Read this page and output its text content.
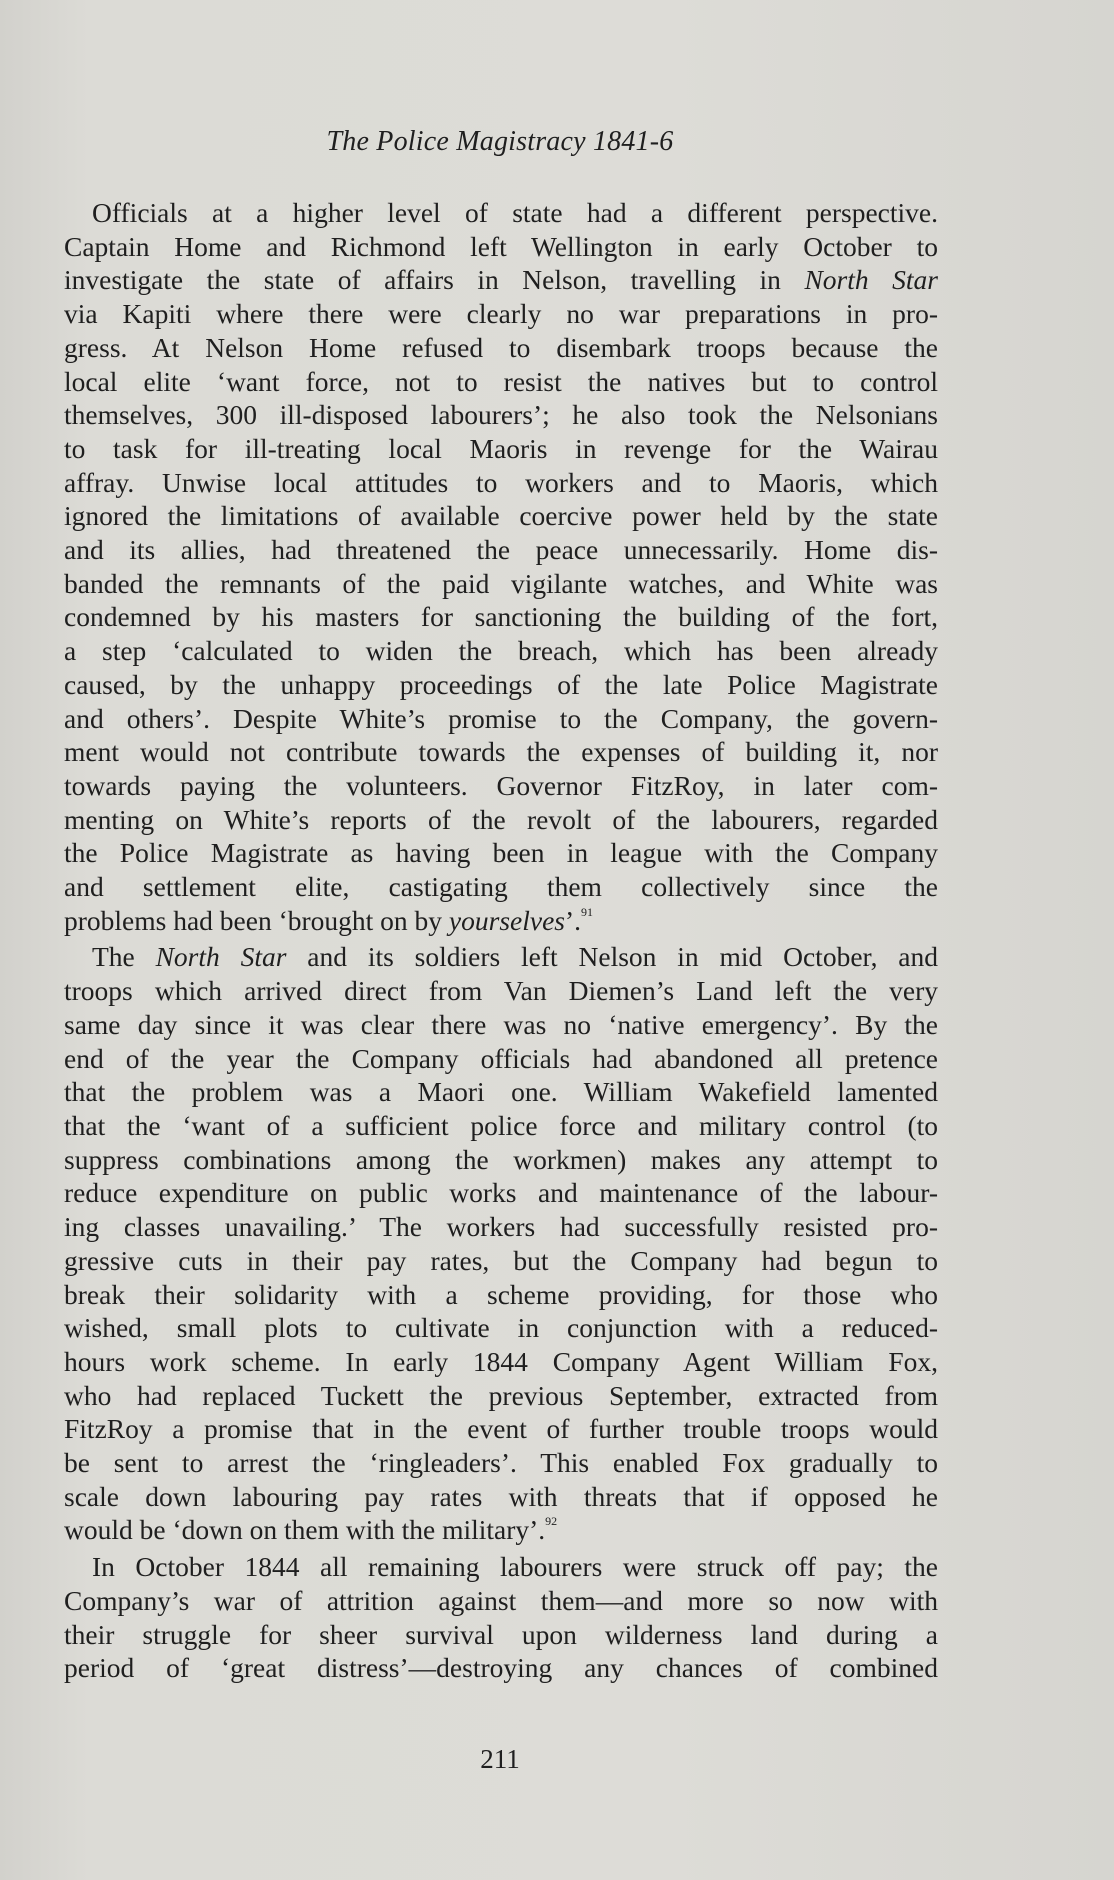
The Police Magistracy 1841-6

Officials at a higher level of state had a different perspective.
Captain Home and Richmond left Wellington in early October to
investigate the state of affairs in Nelson, travelling in North Star
via Kapiti where there were clearly no war preparations in pro-
gress. At Nelson Home refused to disembark troops because the
local elite ‘want force, not to resist the natives but to control
themselves, 300 ill-disposed labourers’; he also took the Nelsonians
to task for ill-treating local Maoris in revenge for the Wairau
affray. Unwise local attitudes to workers and to Maoris, which
ignored the limitations of available coercive power held by the state
and its allies, had threatened the peace unnecessarily. Home dis-
banded the remnants of the paid vigilante watches, and White was
condemned by his masters for sanctioning the building of the fort,
a step ‘calculated to widen the breach, which has been already
caused, by the unhappy proceedings of the late Police Magistrate
and others’. Despite White’s promise to the Company, the govern-
ment would not contribute towards the expenses of building it, nor
towards paying the volunteers. Governor FitzRoy, in later com-
menting on White’s reports of the revolt of the labourers, regarded
the Police Magistrate as having been in league with the Company
and settlement elite, castigating them collectively since the
problems had been ‘brought on by yourselves’.$^{91}$

The North Star and its soldiers left Nelson in mid October, and
troops which arrived direct from Van Diemen’s Land left the very
same day since it was clear there was no ‘native emergency’. By the
end of the year the Company officials had abandoned all pretence
that the problem was a Maori one. William Wakefield lamented
that the ‘want of a sufficient police force and military control (to
suppress combinations among the workmen) makes any attempt to
reduce expenditure on public works and maintenance of the labour-
ing classes unavailing.’ The workers had successfully resisted pro-
gressive cuts in their pay rates, but the Company had begun to
break their solidarity with a scheme providing, for those who
wished, small plots to cultivate in conjunction with a reduced-
hours work scheme. In early 1844 Company Agent William Fox,
who had replaced Tuckett the previous September, extracted from
FitzRoy a promise that in the event of further trouble troops would
be sent to arrest the ‘ringleaders’. This enabled Fox gradually to
scale down labouring pay rates with threats that if opposed he
would be ‘down on them with the military’.$^{92}$

In October 1844 all remaining labourers were struck off pay; the
Company’s war of attrition against them—and more so now with
their struggle for sheer survival upon wilderness land during a
period of ‘great distress’—destroying any chances of combined

211
